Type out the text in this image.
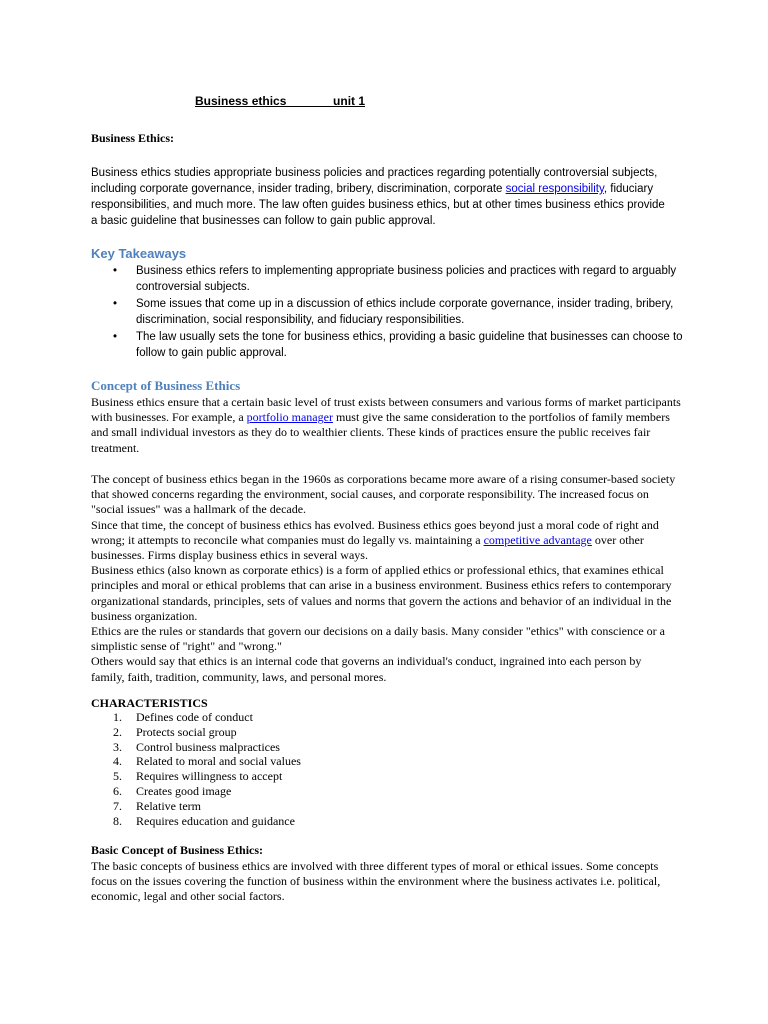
Business ethics              unit 1
Business Ethics:

Business ethics studies appropriate business policies and practices regarding potentially controversial subjects, including corporate governance, insider trading, bribery, discrimination, corporate social responsibility, fiduciary responsibilities, and much more. The law often guides business ethics, but at other times business ethics provide a basic guideline that businesses can follow to gain public approval.

Key Takeaways
• Business ethics refers to implementing appropriate business policies and practices with regard to arguably controversial subjects.
• Some issues that come up in a discussion of ethics include corporate governance, insider trading, bribery, discrimination, social responsibility, and fiduciary responsibilities.
• The law usually sets the tone for business ethics, providing a basic guideline that businesses can choose to follow to gain public approval.
Concept of Business Ethics

Business ethics ensure that a certain basic level of trust exists between consumers and various forms of market participants with businesses. For example, a portfolio manager must give the same consideration to the portfolios of family members and small individual investors as they do to wealthier clients. These kinds of practices ensure the public receives fair treatment.

The concept of business ethics began in the 1960s as corporations became more aware of a rising consumer-based society that showed concerns regarding the environment, social causes, and corporate responsibility. The increased focus on "social issues" was a hallmark of the decade.
Since that time, the concept of business ethics has evolved. Business ethics goes beyond just a moral code of right and wrong; it attempts to reconcile what companies must do legally vs. maintaining a competitive advantage over other businesses. Firms display business ethics in several ways.
Business ethics (also known as corporate ethics) is a form of applied ethics or professional ethics, that examines ethical principles and moral or ethical problems that can arise in a business environment. Business ethics refers to contemporary organizational standards, principles, sets of values and norms that govern the actions and behavior of an individual in the business organization.
Ethics are the rules or standards that govern our decisions on a daily basis. Many consider "ethics" with conscience or a simplistic sense of "right" and "wrong."
Others would say that ethics is an internal code that governs an individual's conduct, ingrained into each person by family, faith, tradition, community, laws, and personal mores.
CHARACTERISTICS
1. Defines code of conduct
2. Protects social group
3. Control business malpractices
4. Related to moral and social values
5. Requires willingness to accept
6. Creates good image
7. Relative term
8. Requires education and guidance
Basic Concept of Business Ethics:

The basic concepts of business ethics are involved with three different types of moral or ethical issues. Some concepts focus on the issues covering the function of business within the environment where the business activates i.e. political, economic, legal and other social factors.
